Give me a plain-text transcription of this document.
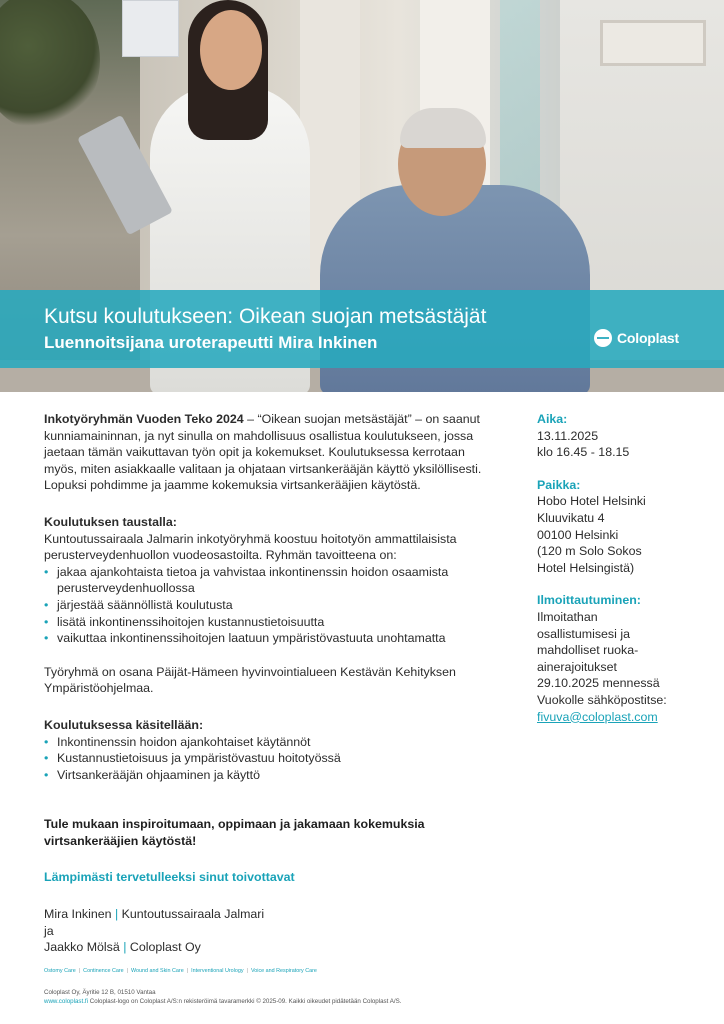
Kutsu koulutukseen: Oikean suojan metsästäjät
Luennoitsijana uroterapeutti Mira Inkinen	Coloplast

Inkotyöryhmän Vuoden Teko 2024 – “Oikean suojan metsästäjät” – on saanut kunniamaininnan, ja nyt sinulla on mahdollisuus osallistua koulutukseen, jossa jaetaan tämän vaikuttavan työn opit ja kokemukset. Koulutuksessa kerrotaan myös, miten asiakkaalle valitaan ja ohjataan virtsankerääjän käyttö yksilöllisesti. Lopuksi pohdimme ja jaamme kokemuksia virtsankerääjien käytöstä.

Koulutuksen taustalla:

Kuntoutussairaala Jalmarin inkotyöryhmä koostuu hoitotyön ammattilaisista perusterveydenhuollon vuodeosastoilta. Ryhmän tavoitteena on:

• jakaa ajankohtaista tietoa ja vahvistaa inkontinenssin hoidon osaamista perusterveydenhuollossa
• järjestää säännöllistä koulutusta
• lisätä inkontinenssihoitojen kustannustietoisuutta
• vaikuttaa inkontinenssihoitojen laatuun ympäristövastuuta unohtamatta

Työryhmä on osana Päijät-Hämeen hyvinvointialueen Kestävän Kehityksen Ympäristöohjelmaa.

Koulutuksessa käsitellään:

• Inkontinenssin hoidon ajankohtaiset käytännöt
• Kustannustietoisuus ja ympäristövastuu hoitotyössä
• Virtsankerääjän ohjaaminen ja käyttö

Tule mukaan inspiroitumaan, oppimaan ja jakamaan kokemuksia virtsankerääjien käytöstä!

Lämpimästi tervetulleeksi sinut toivottavat

Mira Inkinen | Kuntoutussairaala Jalmari

ja

Jaakko Mölsä | Coloplast Oy

Aika:

13.11.2025

klo 16.45 - 18.15

Paikka:

Hobo Hotel Helsinki

Kluuvikatu 4

00100 Helsinki

(120 m Solo Sokos

Hotel Helsingistä)

Ilmoittautuminen:

Ilmoitathan

osallistumisesi ja

mahdolliset ruoka-

ainerajoitukset

29.10.2025 mennessä

Vuokolle sähköpostitse:

fivuva@coloplast.com

Ostomy Care | Continence Care | Wound and Skin Care | Interventional Urology | Voice and Respiratory Care
Coloplast Oy, Äyritie 12 B, 01510 Vantaa
www.coloplast.fi Coloplast-logo on Coloplast A/S:n rekisteröimä tavaramerkki © 2025-09. Kaikki oikeudet pidätetään Coloplast A/S.
